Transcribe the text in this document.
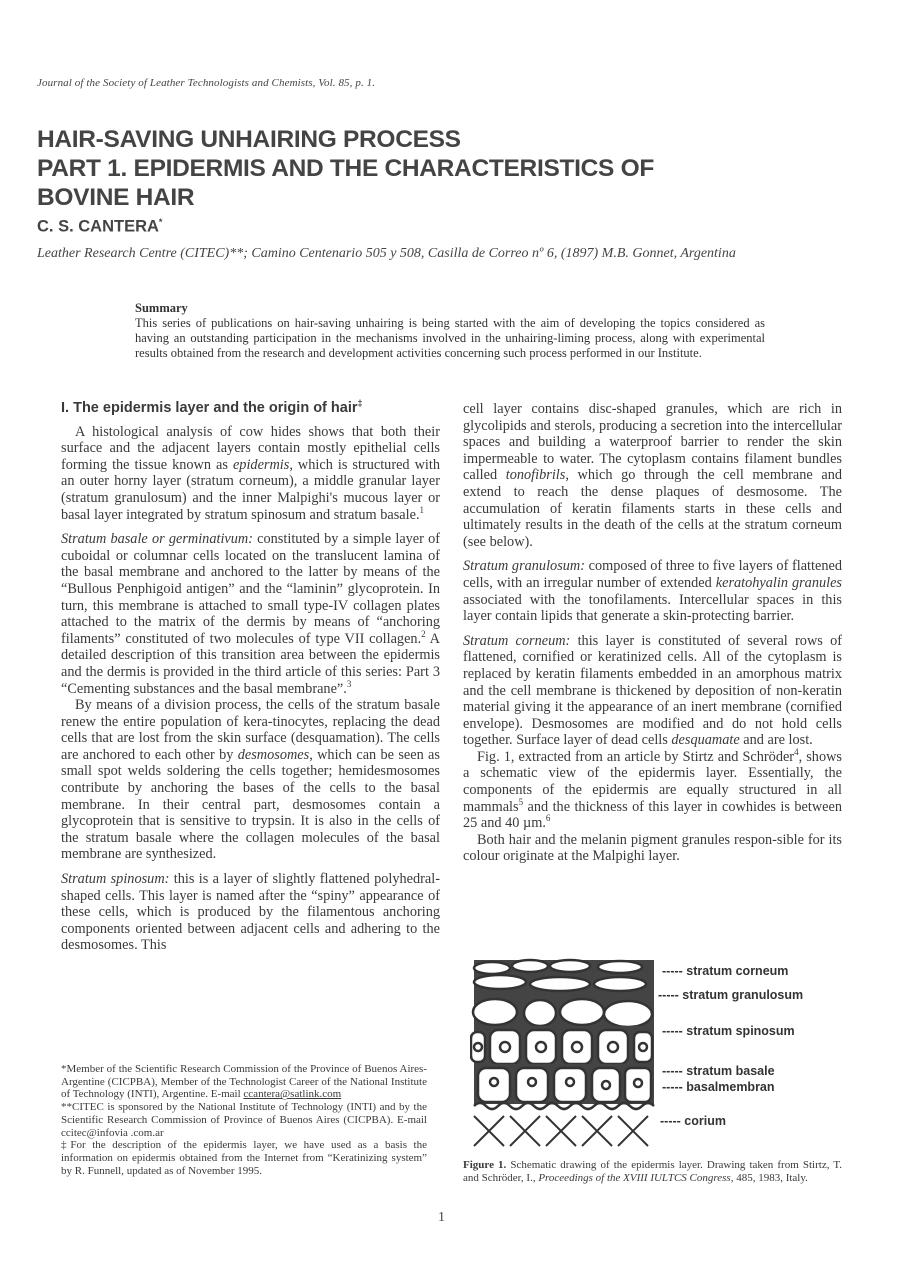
Journal of the Society of Leather Technologists and Chemists, Vol. 85, p. 1.
HAIR-SAVING UNHAIRING PROCESS
PART 1. EPIDERMIS AND THE CHARACTERISTICS OF
BOVINE HAIR
C. S. CANTERA*
Leather Research Centre (CITEC)**; Camino Centenario 505 y 508, Casilla de Correo nº 6, (1897) M.B. Gonnet, Argentina
Summary
This series of publications on hair-saving unhairing is being started with the aim of developing the topics considered as having an outstanding participation in the mechanisms involved in the unhairing-liming process, along with experimental results obtained from the research and development activities concerning such process performed in our Institute.
I. The epidermis layer and the origin of hair‡

A histological analysis of cow hides shows that both their surface and the adjacent layers contain mostly epithelial cells forming the tissue known as epidermis, which is structured with an outer horny layer (stratum corneum), a middle granular layer (stratum granulosum) and the inner Malpighi's mucous layer or basal layer integrated by stratum spinosum and stratum basale.$^1$

Stratum basale or germinativum: constituted by a simple layer of cuboidal or columnar cells located on the translucent lamina of the basal membrane and anchored to the latter by means of the “Bullous Penphigoid antigen” and the “laminin” glycoprotein. In turn, this membrane is attached to small type-IV collagen plates attached to the matrix of the dermis by means of “anchoring filaments” constituted of two molecules of type VII collagen.$^2$ A detailed description of this transition area between the epidermis and the dermis is provided in the third article of this series: Part 3 “Cementing substances and the basal membrane”.$^3$

By means of a division process, the cells of the stratum basale renew the entire population of kera-tinocytes, replacing the dead cells that are lost from the skin surface (desquamation). The cells are anchored to each other by desmosomes, which can be seen as small spot welds soldering the cells together; hemidesmosomes contribute by anchoring the bases of the cells to the basal membrane. In their central part, desmosomes contain a glycoprotein that is sensitive to trypsin. It is also in the cells of the stratum basale where the collagen molecules of the basal membrane are synthesized.

Stratum spinosum: this is a layer of slightly flattened polyhedral-shaped cells. This layer is named after the “spiny” appearance of these cells, which is produced by the filamentous anchoring components oriented between adjacent cells and adhering to the desmosomes. This

*Member of the Scientific Research Commission of the Province of Buenos Aires- Argentine (CICPBA), Member of the Technologist Career of the National Institute of Technology (INTI), Argentine. E-mail ccantera@satlink.com

**CITEC is sponsored by the National Institute of Technology (INTI) and by the Scientific Research Commission of Province of Buenos Aires (CICPBA). E-mail ccitec@infovia .com.ar

‡For the description of the epidermis layer, we have used as a basis the information on epidermis obtained from the Internet from “Keratinizing system” by R. Funnell, updated as of November 1995.

cell layer contains disc-shaped granules, which are rich in glycolipids and sterols, producing a secretion into the intercellular spaces and building a waterproof barrier to render the skin impermeable to water. The cytoplasm contains filament bundles called tonofibrils, which go through the cell membrane and extend to reach the dense plaques of desmosome. The accumulation of keratin filaments starts in these cells and ultimately results in the death of the cells at the stratum corneum (see below).

Stratum granulosum: composed of three to five layers of flattened cells, with an irregular number of extended keratohyalin granules associated with the tonofilaments. Intercellular spaces in this layer contain lipids that generate a skin-protecting barrier.

Stratum corneum: this layer is constituted of several rows of flattened, cornified or keratinized cells. All of the cytoplasm is replaced by keratin filaments embedded in an amorphous matrix and the cell membrane is thickened by deposition of non-keratin material giving it the appearance of an inert membrane (cornified envelope). Desmosomes are modified and do not hold cells together. Surface layer of dead cells desquamate and are lost.

Fig. 1, extracted from an article by Stirtz and Schröder$^4$, shows a schematic view of the epidermis layer. Essentially, the components of the epidermis are equally structured in all mammals$^5$ and the thickness of this layer in cowhides is between 25 and 40 µm.$^6$

Both hair and the melanin pigment granules respon-sible for its colour originate at the Malpighi layer.

----- stratum corneum
----- stratum granulosum
----- stratum spinosum
----- stratum basale
----- basalmembran
----- corium
Figure 1. Schematic drawing of the epidermis layer. Drawing taken from Stirtz, T. and Schröder, I., Proceedings of the XVIII IULTCS Congress, 485, 1983, Italy.
1
